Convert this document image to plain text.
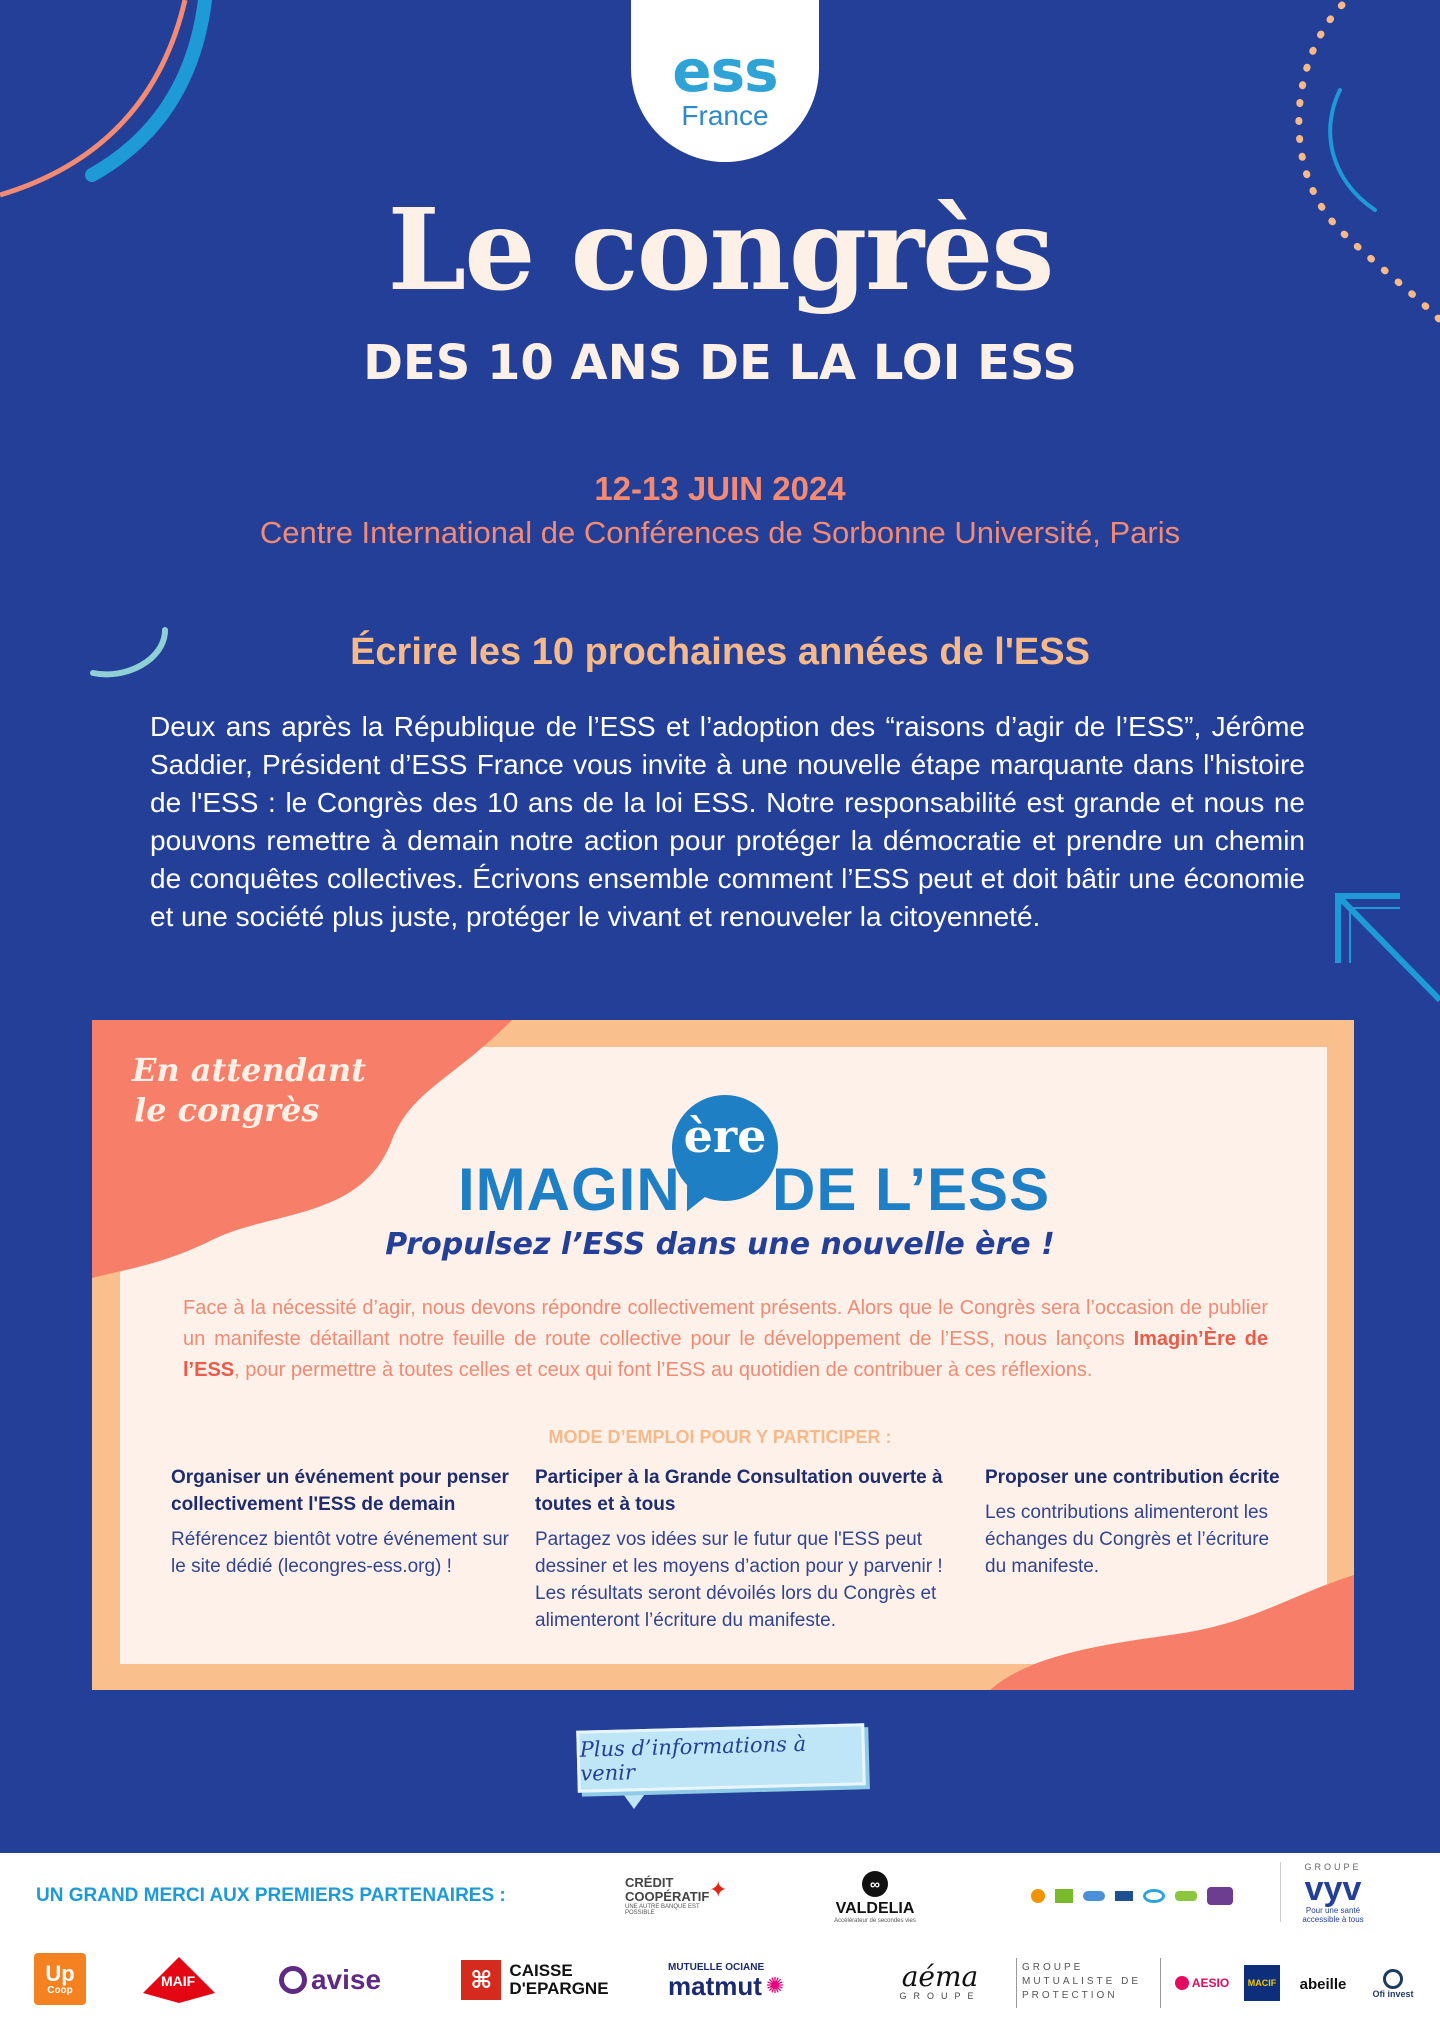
ess
France
Le congrès
DES 10 ANS DE LA LOI ESS
12-13 JUIN 2024
Centre International de Conférences de Sorbonne Université, Paris
Écrire les 10 prochaines années de l'ESS
Deux ans après la République de l’ESS et l’adoption des “raisons d’agir de l’ESS”, Jérôme Saddier, Président d’ESS France vous invite à une nouvelle étape marquante dans l'histoire de l'ESS : le Congrès des 10 ans de la loi ESS. Notre responsabilité est grande et nous ne pouvons remettre à demain notre action pour protéger la démocratie et prendre un chemin de conquêtes collectives. Écrivons ensemble comment l’ESS peut et doit bâtir une économie et une société plus juste, protéger le vivant et renouveler la citoyenneté.
En attendant
le congrès
IMAGIN
ère
DE L’ESS
Propulsez l’ESS dans une nouvelle ère !
Face à la nécessité d’agir, nous devons répondre collectivement présents. Alors que le Congrès sera l’occasion de publier un manifeste détaillant notre feuille de route collective pour le développement de l’ESS, nous lançons Imagin’Ère de l’ESS, pour permettre à toutes celles et ceux qui font l’ESS au quotidien de contribuer à ces réflexions.
MODE D’EMPLOI POUR Y PARTICIPER :
Organiser un événement pour penser collectivement l'ESS de demain

Référencez bientôt votre événement sur le site dédié (lecongres-ess.org) !

Participer à la Grande Consultation ouverte à toutes et à tous

Partagez vos idées sur le futur que l'ESS peut dessiner et les moyens d’action pour y parvenir ! Les résultats seront dévoilés lors du Congrès et alimenteront l’écriture du manifeste.

Proposer une contribution écrite

Les contributions alimenteront les échanges du Congrès et l’écriture du manifeste.

Plus d’informations à venir
UN GRAND MERCI AUX PREMIERS PARTENAIRES :
CRÉDIT COOPÉRATIF ✦
UNE AUTRE BANQUE EST POSSIBLE
∞
VALDELIA
Accélérateur de secondes vies
GROUPE
vyv
Pour une santé accessible à tous
Up
Coop
MAIF	avise	⌘ CAISSE
D'EPARGNE
MUTUELLE OCIANE
matmut ✺	aéma
GROUPE
GROUPE MUTUALISTE DE PROTECTION
AESIO MACIF abeille
Ofi invest
